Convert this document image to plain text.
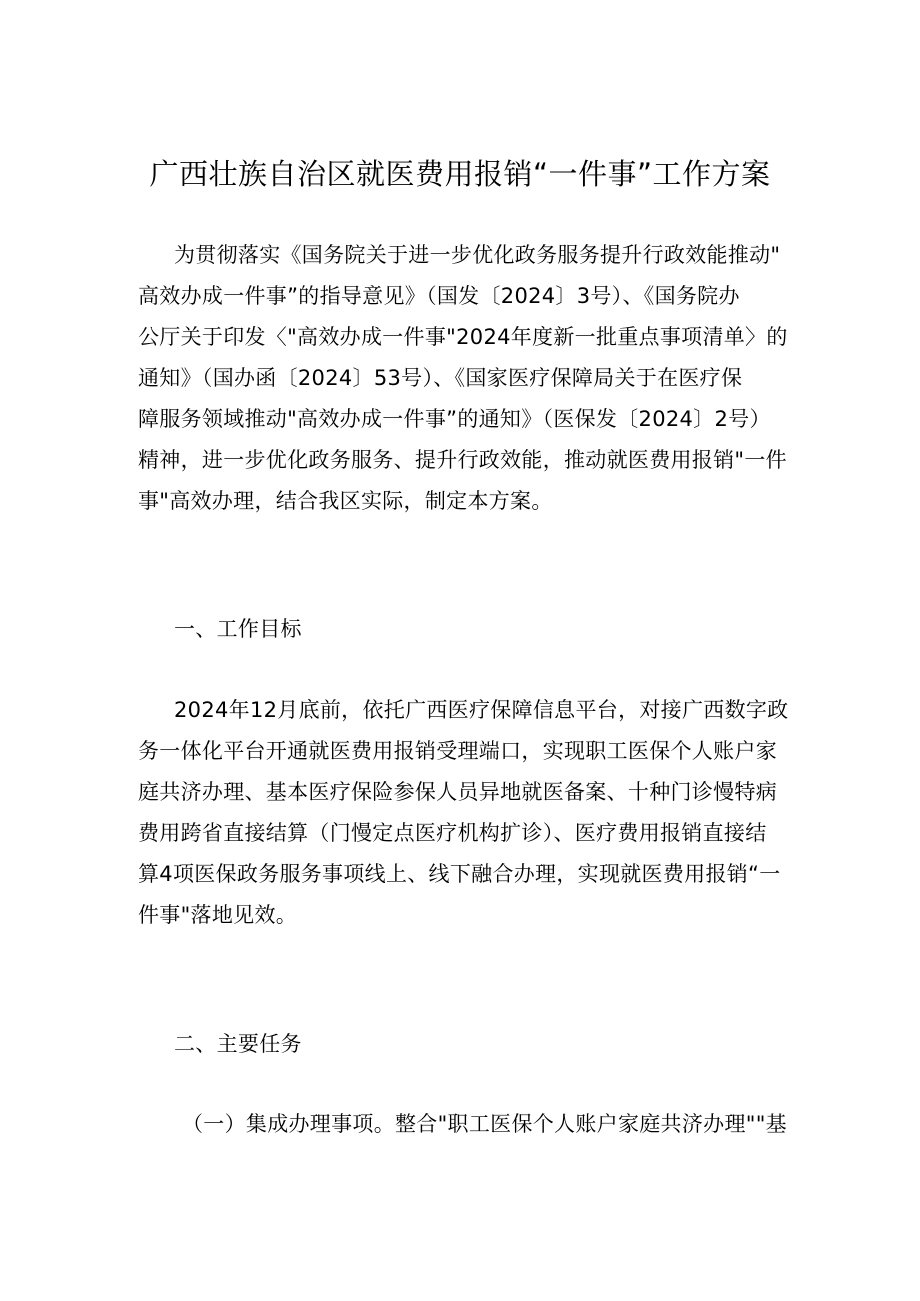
广西壮族自治区就医费用报销“一件事”工作方案
为贯彻落实《国务院关于进一步优化政务服务提升行政效能推动"
高效办成一件事”的指导意见》（国发〔2024〕3号）、《国务院办
公厅关于印发〈"高效办成一件事"2024年度新一批重点事项清单〉的
通知》（国办函〔2024〕53号）、《国家医疗保障局关于在医疗保
障服务领域推动"高效办成一件事”的通知》（医保发〔2024〕2号）
精神，进一步优化政务服务、提升行政效能，推动就医费用报销"一件
事"高效办理，结合我区实际，制定本方案。
一、工作目标
2024年12月底前，依托广西医疗保障信息平台，对接广西数字政
务一体化平台开通就医费用报销受理端口，实现职工医保个人账户家
庭共济办理、基本医疗保险参保人员异地就医备案、十种门诊慢特病
费用跨省直接结算（门慢定点医疗机构扩诊）、医疗费用报销直接结
算4项医保政务服务事项线上、线下融合办理，实现就医费用报销“一
件事"落地见效。
二、主要任务
（一）集成办理事项。整合"职工医保个人账户家庭共济办理""基
